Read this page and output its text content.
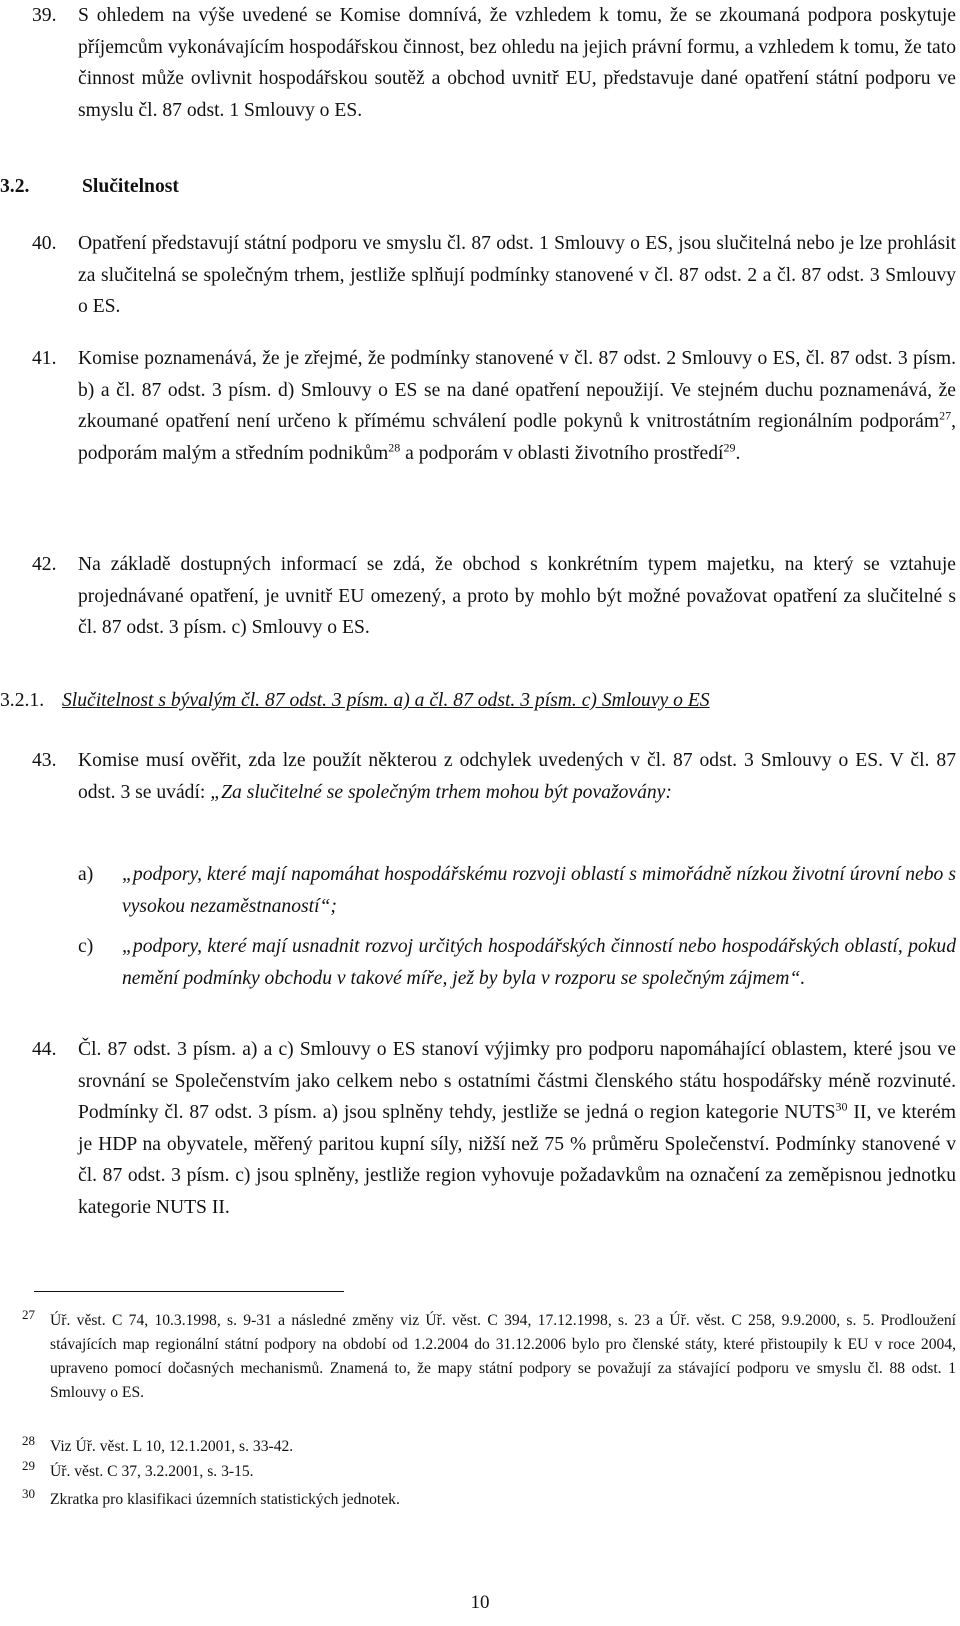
39. S ohledem na výše uvedené se Komise domnívá, že vzhledem k tomu, že se zkoumaná podpora poskytuje příjemcům vykonávajícím hospodářskou činnost, bez ohledu na jejich právní formu, a vzhledem k tomu, že tato činnost může ovlivnit hospodářskou soutěž a obchod uvnitř EU, představuje dané opatření státní podporu ve smyslu čl. 87 odst. 1 Smlouvy o ES.
3.2.	Slučitelnost
40. Opatření představují státní podporu ve smyslu čl. 87 odst. 1 Smlouvy o ES, jsou slučitelná nebo je lze prohlásit za slučitelná se společným trhem, jestliže splňují podmínky stanovené v čl. 87 odst. 2 a čl. 87 odst. 3 Smlouvy o ES.
41. Komise poznamenává, že je zřejmé, že podmínky stanovené v čl. 87 odst. 2 Smlouvy o ES, čl. 87 odst. 3 písm. b) a čl. 87 odst. 3 písm. d) Smlouvy o ES se na dané opatření nepoužijí. Ve stejném duchu poznamenává, že zkoumané opatření není určeno k přímému schválení podle pokynů k vnitrostátním regionálním podporám$^{27}$, podporám malým a středním podnikům$^{28}$ a podporám v oblasti životního prostředí$^{29}$.
42. Na základě dostupných informací se zdá, že obchod s konkrétním typem majetku, na který se vztahuje projednávané opatření, je uvnitř EU omezený, a proto by mohlo být možné považovat opatření za slučitelné s čl. 87 odst. 3 písm. c) Smlouvy o ES.
3.2.1. Slučitelnost s bývalým čl. 87 odst. 3 písm. a) a čl. 87 odst. 3 písm. c) Smlouvy o ES
43. Komise musí ověřit, zda lze použít některou z odchylek uvedených v čl. 87 odst. 3 Smlouvy o ES. V čl. 87 odst. 3 se uvádí: „Za slučitelné se společným trhem mohou být považovány:
a) „podpory, které mají napomáhat hospodářskému rozvoji oblastí s mimořádně nízkou životní úrovní nebo s vysokou nezaměstnaností“;
c) „podpory, které mají usnadnit rozvoj určitých hospodářských činností nebo hospodářských oblastí, pokud nemění podmínky obchodu v takové míře, jež by byla v rozporu se společným zájmem“.
44. Čl. 87 odst. 3 písm. a) a c) Smlouvy o ES stanoví výjimky pro podporu napomáhající oblastem, které jsou ve srovnání se Společenstvím jako celkem nebo s ostatními částmi členského státu hospodářsky méně rozvinuté. Podmínky čl. 87 odst. 3 písm. a) jsou splněny tehdy, jestliže se jedná o region kategorie NUTS$^{30}$ II, ve kterém je HDP na obyvatele, měřený paritou kupní síly, nižší než 75 % průměru Společenství. Podmínky stanovené v čl. 87 odst. 3 písm. c) jsou splněny, jestliže region vyhovuje požadavkům na označení za zeměpisnou jednotku kategorie NUTS II.
27 Úř. věst. C 74, 10.3.1998, s. 9-31 a následné změny viz Úř. věst. C 394, 17.12.1998, s. 23 a Úř. věst. C 258, 9.9.2000, s. 5. Prodloužení stávajících map regionální státní podpory na období od 1.2.2004 do 31.12.2006 bylo pro členské státy, které přistoupily k EU v roce 2004, upraveno pomocí dočasných mechanismů. Znamená to, že mapy státní podpory se považují za stávající podporu ve smyslu čl. 88 odst. 1 Smlouvy o ES.
28 Viz Úř. věst. L 10, 12.1.2001, s. 33-42.
29 Úř. věst. C 37, 3.2.2001, s. 3-15.
30 Zkratka pro klasifikaci územních statistických jednotek.
10
